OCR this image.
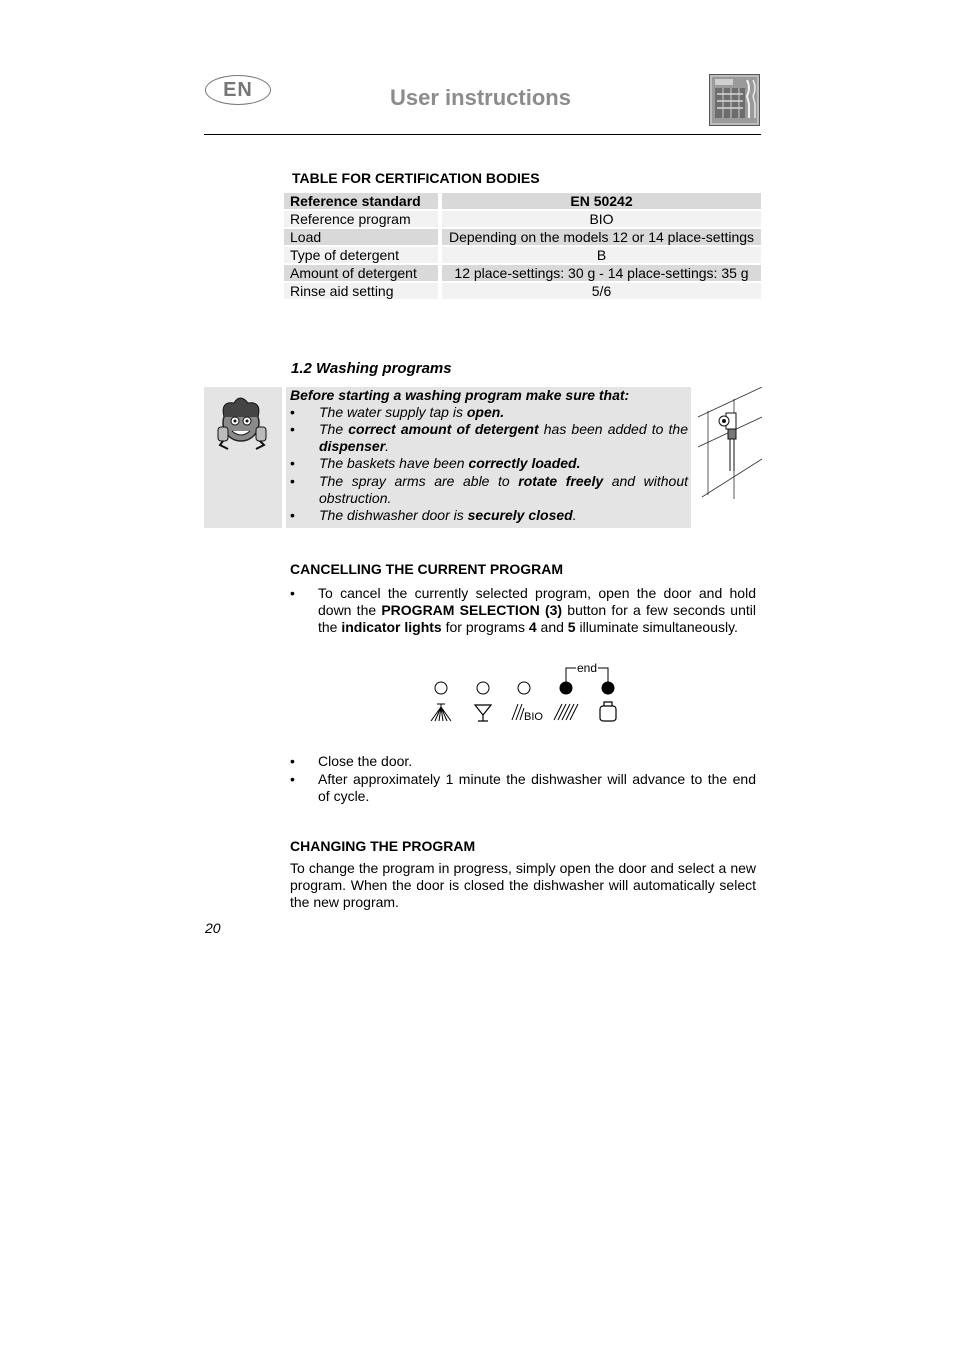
EN	User instructions
TABLE FOR CERTIFICATION BODIES
Reference standard		EN 50242
Reference program		BIO
Load		Depending on the models 12 or 14 place-settings
Type of detergent		B
Amount of detergent		12 place-settings: 30 g - 14 place-settings: 35 g
Rinse aid setting		5/6
1.2 Washing programs
Before starting a washing program make sure that:
• The water supply tap is open.
• The correct amount of detergent has been added to the dispenser.
• The baskets have been correctly loaded.
• The spray arms are able to rotate freely and without obstruction.
• The dishwasher door is securely closed.
CANCELLING THE CURRENT PROGRAM
• To cancel the currently selected program, open the door and hold down the PROGRAM SELECTION (3) button for a few seconds until the indicator lights for programs 4 and 5 illuminate simultaneously.
end
BIO
• Close the door.
• After approximately 1 minute the dishwasher will advance to the end of cycle.
CHANGING THE PROGRAM
To change the program in progress, simply open the door and select a new program. When the door is closed the dishwasher will automatically select the new program.
20
